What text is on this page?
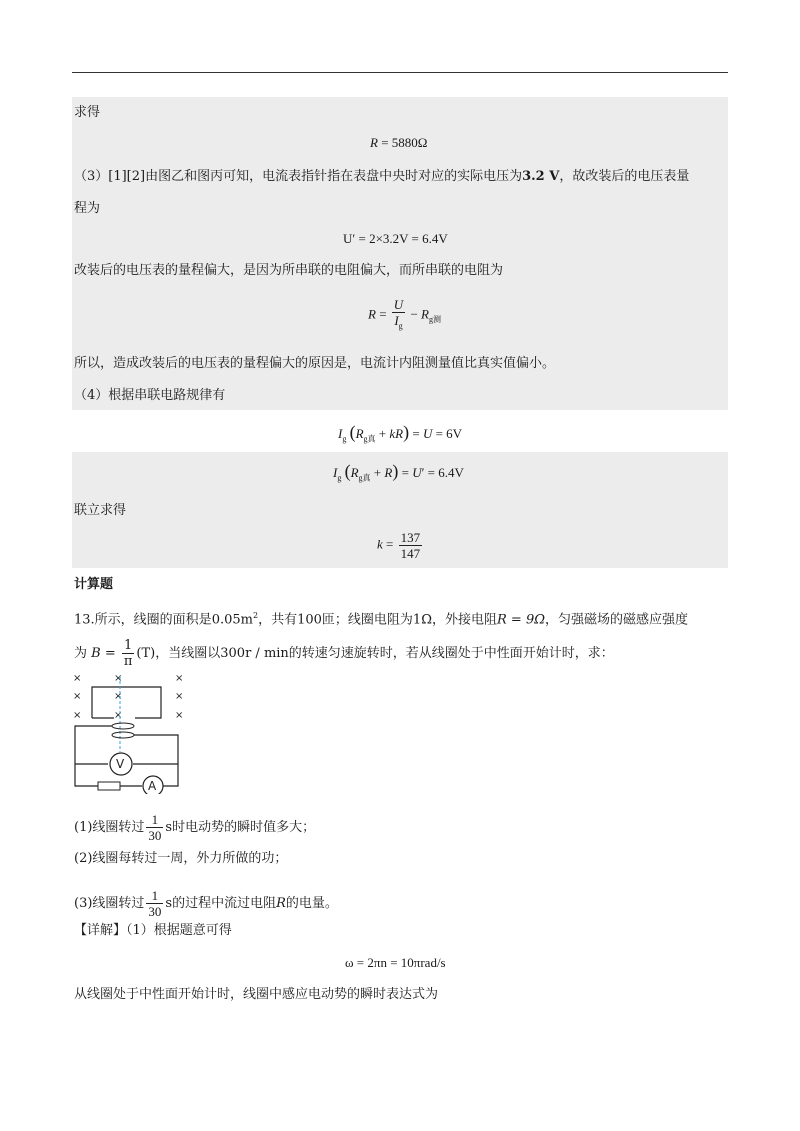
求得
R = 5880Ω
（3）[1][2]由图乙和图丙可知，电流表指针指在表盘中央时对应的实际电压为3.2 V，故改装后的电压表量
程为
U′ = 2×3.2V = 6.4V
改装后的电压表的量程偏大，是因为所串联的电阻偏大，而所串联的电阻为
$R = \frac{U}{I_g} - R_{g测}$
所以，造成改装后的电压表的量程偏大的原因是，电流计内阻测量值比真实值偏小。
（4）根据串联电路规律有
$I_g$ $(R_{g真} + kR) = U = 6V$
$I_g$ $(R_{g真} + R) = U' = 6.4V$
联立求得
$k = \frac{137}{147}$
计算题
13.所示，线圈的面积是$0.05m^2$，共有100匝；线圈电阻为1Ω，外接电阻R = 9Ω，匀强磁场的磁感应强度
为 $B = \frac{1}{\pi} (T)$，当线圈以300r / min的转速匀速旋转时，若从线圈处于中性面开始计时，求：
×	×	×
×	×	×
×	×	×
V
A
(1)线圈转过 $\frac{1}{30}$ s时电动势的瞬时值多大；
(2)线圈每转过一周，外力所做的功；
(3)线圈转过 $\frac{1}{30}$ s的过程中流过电阻R的电量。
【详解】（1）根据题意可得
ω = 2πn = 10πrad/s
从线圈处于中性面开始计时，线圈中感应电动势的瞬时表达式为
